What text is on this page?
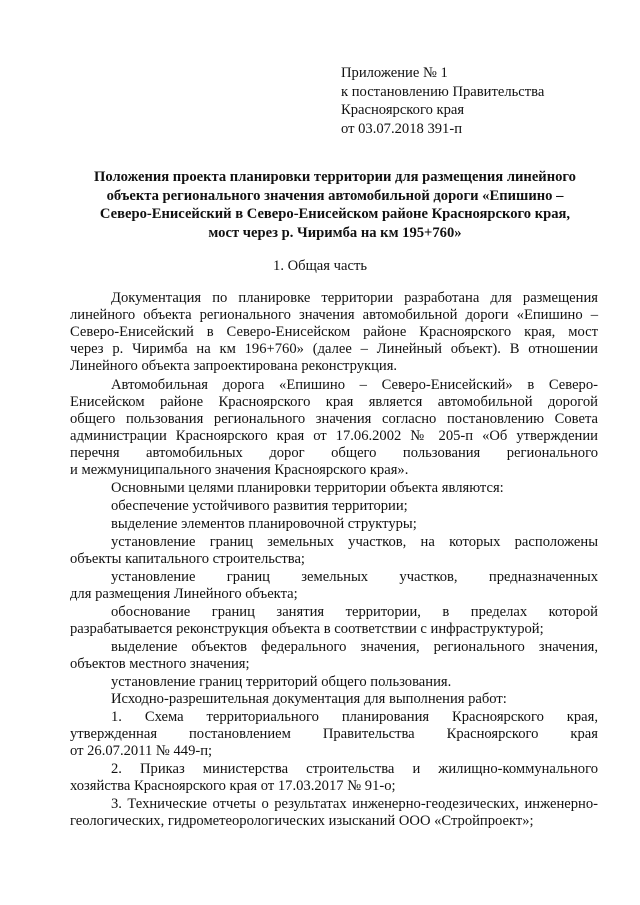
Приложение № 1
к постановлению Правительства
Красноярского края
от 03.07.2018 391-п
Положения проекта планировки территории для размещения линейного
объекта регионального значения автомобильной дороги «Епишино –
Северо-Енисейский в Северо-Енисейском районе Красноярского края,
мост через р. Чиримба на км 195+760»
1. Общая часть
Документация по планировке территории разработана для размещения
линейного объекта регионального значения автомобильной дороги «Епишино –
Северо-Енисейский в Северо-Енисейском районе Красноярского края, мост
через р. Чиримба на км 196+760» (далее – Линейный объект). В отношении
Линейного объекта запроектирована реконструкция.
Автомобильная дорога «Епишино – Северо-Енисейский» в Северо-
Енисейском районе Красноярского края является автомобильной дорогой
общего пользования регионального значения согласно постановлению Совета
администрации Красноярского края от 17.06.2002 № 205-п «Об утверждении
перечня автомобильных дорог общего пользования регионального
и межмуниципального значения Красноярского края».
Основными целями планировки территории объекта являются:
обеспечение устойчивого развития территории;
выделение элементов планировочной структуры;
установление границ земельных участков, на которых расположены
объекты капитального строительства;
установление границ земельных участков, предназначенных
для размещения Линейного объекта;
обоснование границ занятия территории, в пределах которой
разрабатывается реконструкция объекта в соответствии с инфраструктурой;
выделение объектов федерального значения, регионального значения,
объектов местного значения;
установление границ территорий общего пользования.
Исходно-разрешительная документация для выполнения работ:
1. Схема территориального планирования Красноярского края,
утвержденная постановлением Правительства Красноярского края
от 26.07.2011 № 449-п;
2. Приказ министерства строительства и жилищно-коммунального
хозяйства Красноярского края от 17.03.2017 № 91-о;
3. Технические отчеты о результатах инженерно-геодезических, инженерно-
геологических, гидрометеорологических изысканий ООО «Стройпроект»;
